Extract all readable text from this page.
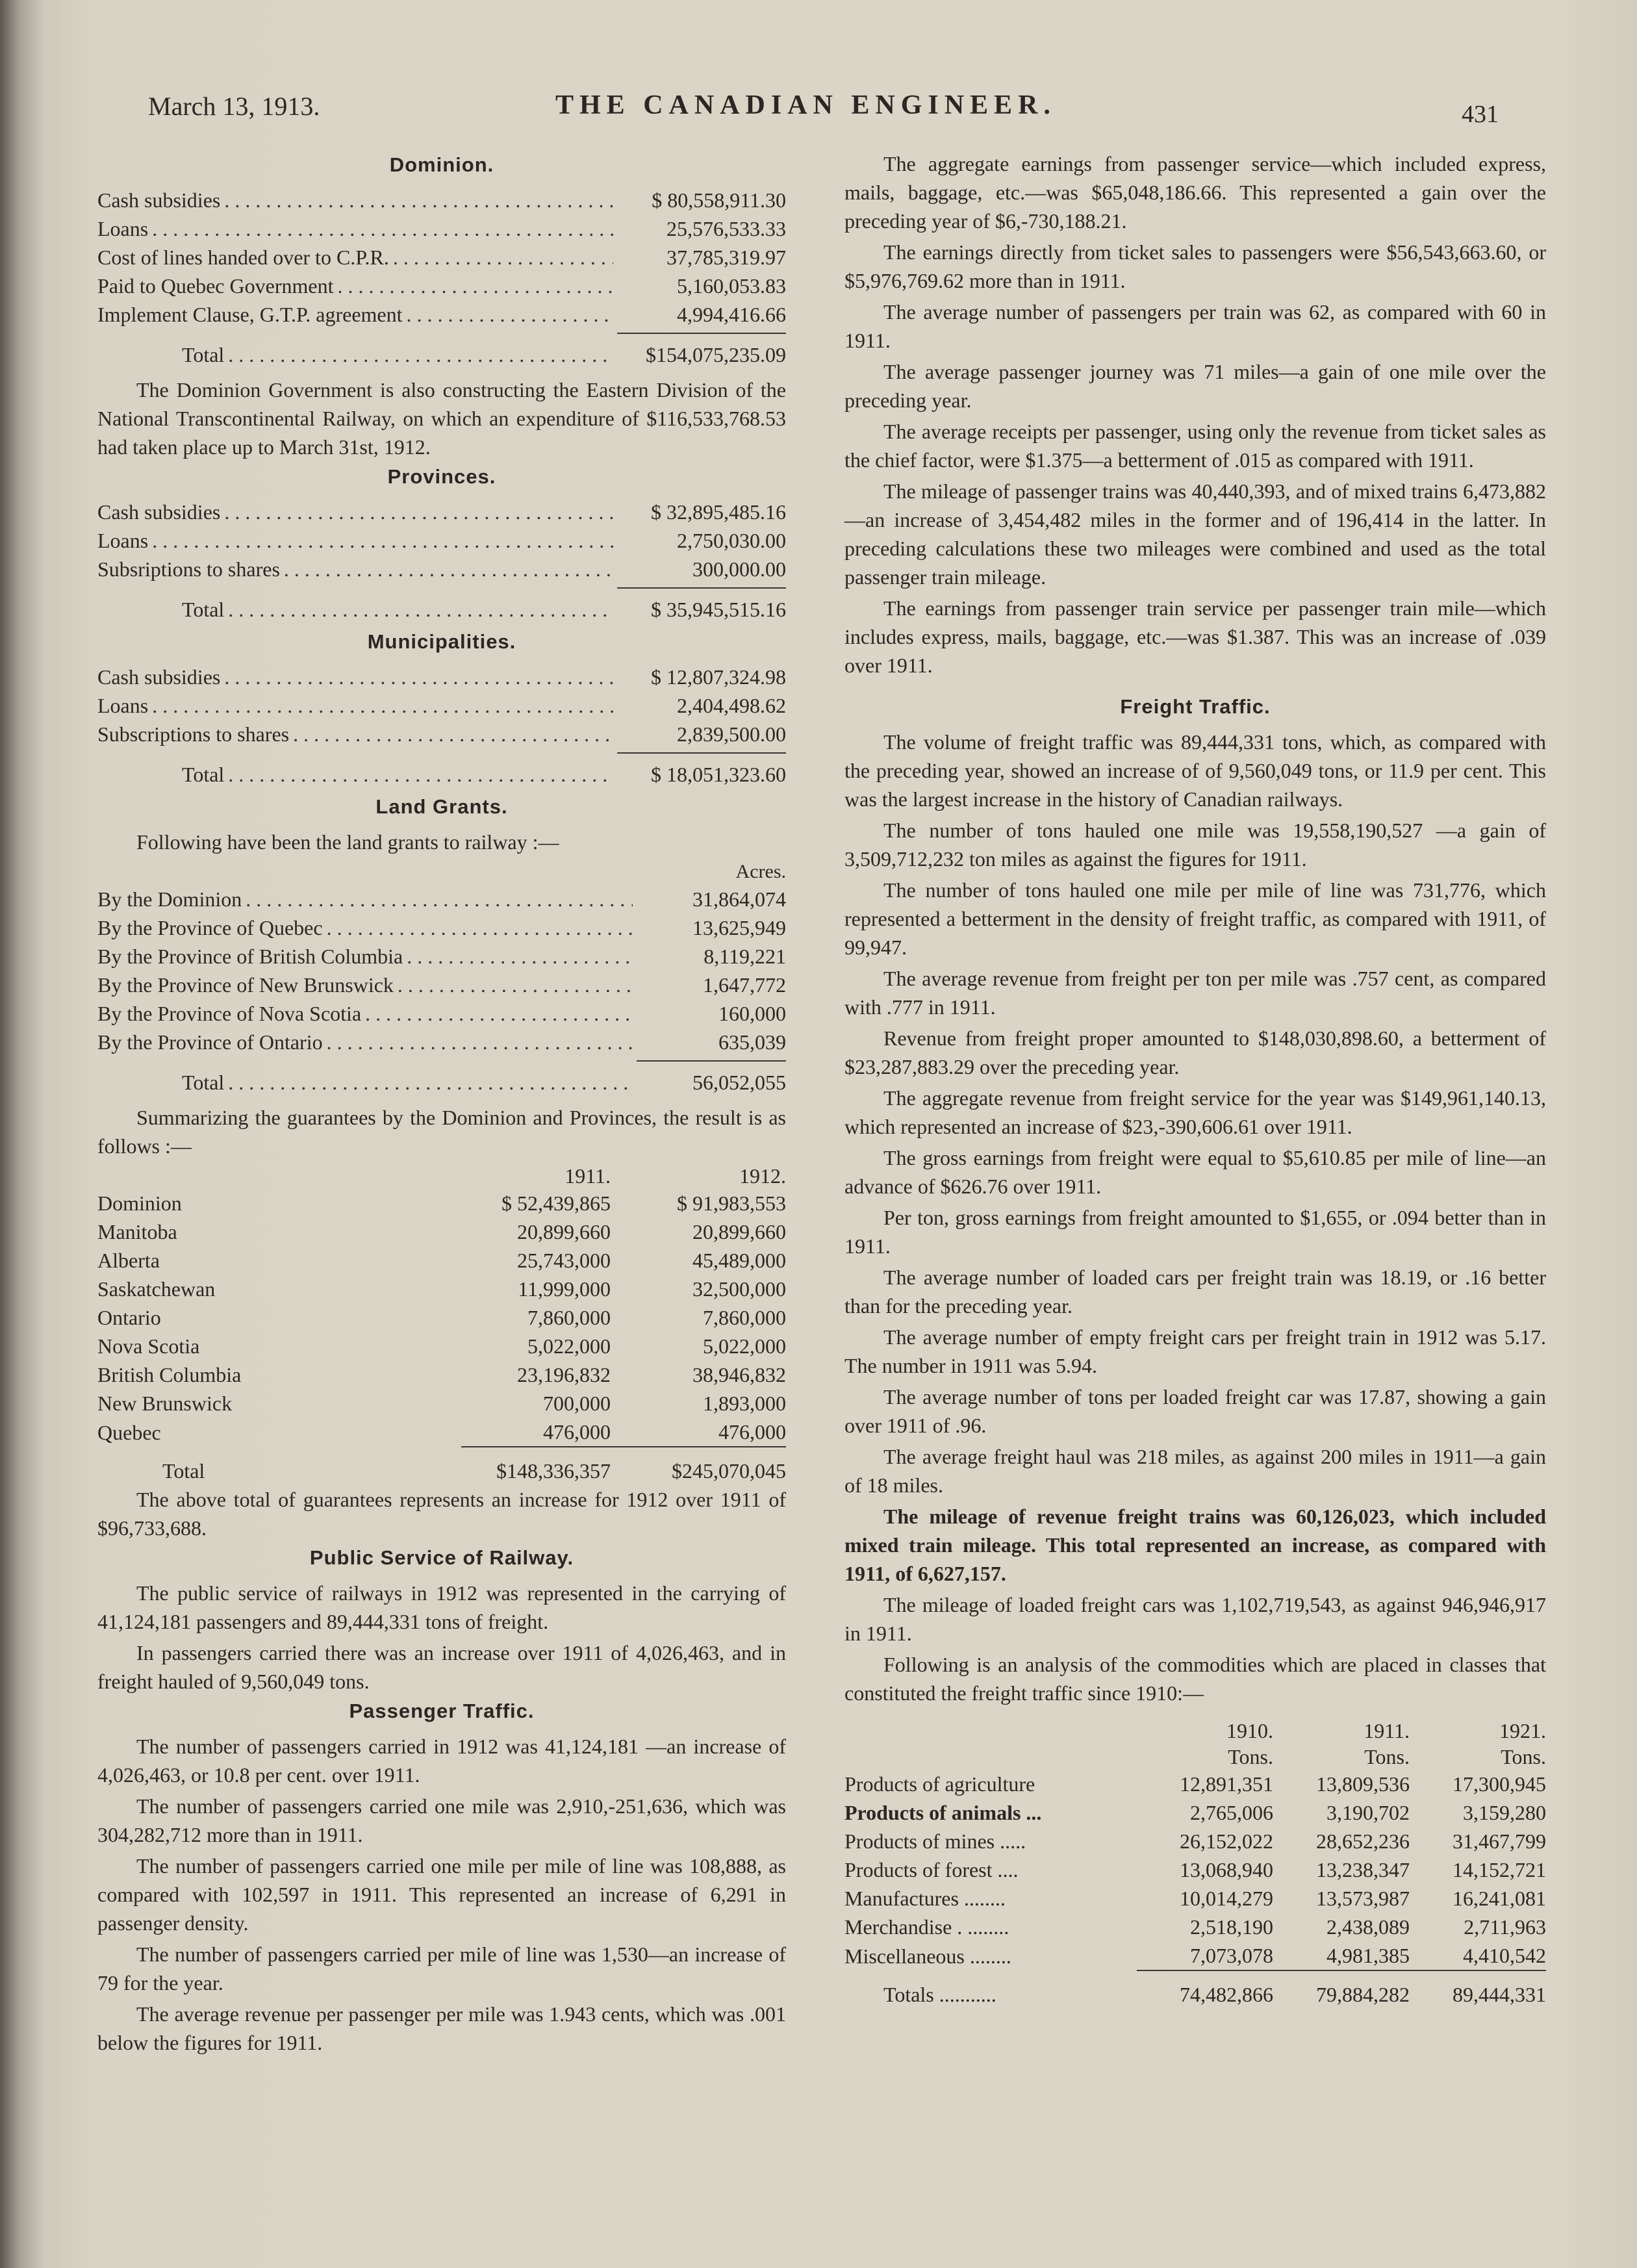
March 13, 1913.	THE CANADIAN ENGINEER.	431
Dominion.
Cash subsidies . . .	$ 80,558,911.30
Loans . . .	25,576,533.33
Cost of lines handed over to C.P.R. . . .	37,785,319.97
Paid to Quebec Government . . .	5,160,053.83
Implement Clause, G.T.P. agreement . . .	4,994,416.66
Total . . .	$154,075,235.09

The Dominion Government is also constructing the Eastern Division of the National Transcontinental Railway, on which an expenditure of $116,533,768.53 had taken place up to March 31st, 1912.

Provinces.
Cash subsidies . . .	$ 32,895,485.16
Loans . . .	2,750,030.00
Subsriptions to shares . . .	300,000.00
Total . . .	$ 35,945,515.16
Municipalities.
Cash subsidies . . .	$ 12,807,324.98
Loans . . .	2,404,498.62
Subscriptions to shares . . .	2,839,500.00
Total . . .	$ 18,051,323.60
Land Grants.

Following have been the land grants to railway :—

Acres.
By the Dominion . . .	31,864,074
By the Province of Quebec . . .	13,625,949
By the Province of British Columbia . . .	8,119,221
By the Province of New Brunswick . . .	1,647,772
By the Province of Nova Scotia . . .	160,000
By the Province of Ontario . . .	635,039
Total . . .	56,052,055

Summarizing the guarantees by the Dominion and Provinces, the result is as follows :—

	1911.	1912.
Dominion	$ 52,439,865	$ 91,983,553
Manitoba	20,899,660	20,899,660
Alberta	25,743,000	45,489,000
Saskatchewan	11,999,000	32,500,000
Ontario	7,860,000	7,860,000
Nova Scotia	5,022,000	5,022,000
British Columbia	23,196,832	38,946,832
New Brunswick	700,000	1,893,000
Quebec	476,000	476,000
Total	$148,336,357	$245,070,045

The above total of guarantees represents an increase for 1912 over 1911 of $96,733,688.

Public Service of Railway.

The public service of railways in 1912 was represented in the carrying of 41,124,181 passengers and 89,444,331 tons of freight.

In passengers carried there was an increase over 1911 of 4,026,463, and in freight hauled of 9,560,049 tons.

Passenger Traffic.

The number of passengers carried in 1912 was 41,124,181 —an increase of 4,026,463, or 10.8 per cent. over 1911.

The number of passengers carried one mile was 2,910,-251,636, which was 304,282,712 more than in 1911.

The number of passengers carried one mile per mile of line was 108,888, as compared with 102,597 in 1911. This represented an increase of 6,291 in passenger density.

The number of passengers carried per mile of line was 1,530—an increase of 79 for the year.

The average revenue per passenger per mile was 1.943 cents, which was .001 below the figures for 1911.

The aggregate earnings from passenger service—which included express, mails, baggage, etc.—was $65,048,186.66. This represented a gain over the preceding year of $6,-730,188.21.

The earnings directly from ticket sales to passengers were $56,543,663.60, or $5,976,769.62 more than in 1911.

The average number of passengers per train was 62, as compared with 60 in 1911.

The average passenger journey was 71 miles—a gain of one mile over the preceding year.

The average receipts per passenger, using only the revenue from ticket sales as the chief factor, were $1.375—a betterment of .015 as compared with 1911.

The mileage of passenger trains was 40,440,393, and of mixed trains 6,473,882—an increase of 3,454,482 miles in the former and of 196,414 in the latter. In preceding calculations these two mileages were combined and used as the total passenger train mileage.

The earnings from passenger train service per passenger train mile—which includes express, mails, baggage, etc.—was $1.387. This was an increase of .039 over 1911.

Freight Traffic.

The volume of freight traffic was 89,444,331 tons, which, as compared with the preceding year, showed an increase of of 9,560,049 tons, or 11.9 per cent. This was the largest increase in the history of Canadian railways.

The number of tons hauled one mile was 19,558,190,527 —a gain of 3,509,712,232 ton miles as against the figures for 1911.

The number of tons hauled one mile per mile of line was 731,776, which represented a betterment in the density of freight traffic, as compared with 1911, of 99,947.

The average revenue from freight per ton per mile was .757 cent, as compared with .777 in 1911.

Revenue from freight proper amounted to $148,030,898.60, a betterment of $23,287,883.29 over the preceding year.

The aggregate revenue from freight service for the year was $149,961,140.13, which represented an increase of $23,-390,606.61 over 1911.

The gross earnings from freight were equal to $5,610.85 per mile of line—an advance of $626.76 over 1911.

Per ton, gross earnings from freight amounted to $1,655, or .094 better than in 1911.

The average number of loaded cars per freight train was 18.19, or .16 better than for the preceding year.

The average number of empty freight cars per freight train in 1912 was 5.17. The number in 1911 was 5.94.

The average number of tons per loaded freight car was 17.87, showing a gain over 1911 of .96.

The average freight haul was 218 miles, as against 200 miles in 1911—a gain of 18 miles.

The mileage of revenue freight trains was 60,126,023, which included mixed train mileage. This total represented an increase, as compared with 1911, of 6,627,157.

The mileage of loaded freight cars was 1,102,719,543, as against 946,946,917 in 1911.

Following is an analysis of the commodities which are placed in classes that constituted the freight traffic since 1910:—

	1910.	1911.	1921.
	Tons.	Tons.	Tons.
Products of agriculture	12,891,351	13,809,536	17,300,945
Products of animals ...	2,765,006	3,190,702	3,159,280
Products of mines .....	26,152,022	28,652,236	31,467,799
Products of forest ....	13,068,940	13,238,347	14,152,721
Manufactures ........	10,014,279	13,573,987	16,241,081
Merchandise . ........	2,518,190	2,438,089	2,711,963
Miscellaneous ........	7,073,078	4,981,385	4,410,542
Totals ...........	74,482,866	79,884,282	89,444,331
